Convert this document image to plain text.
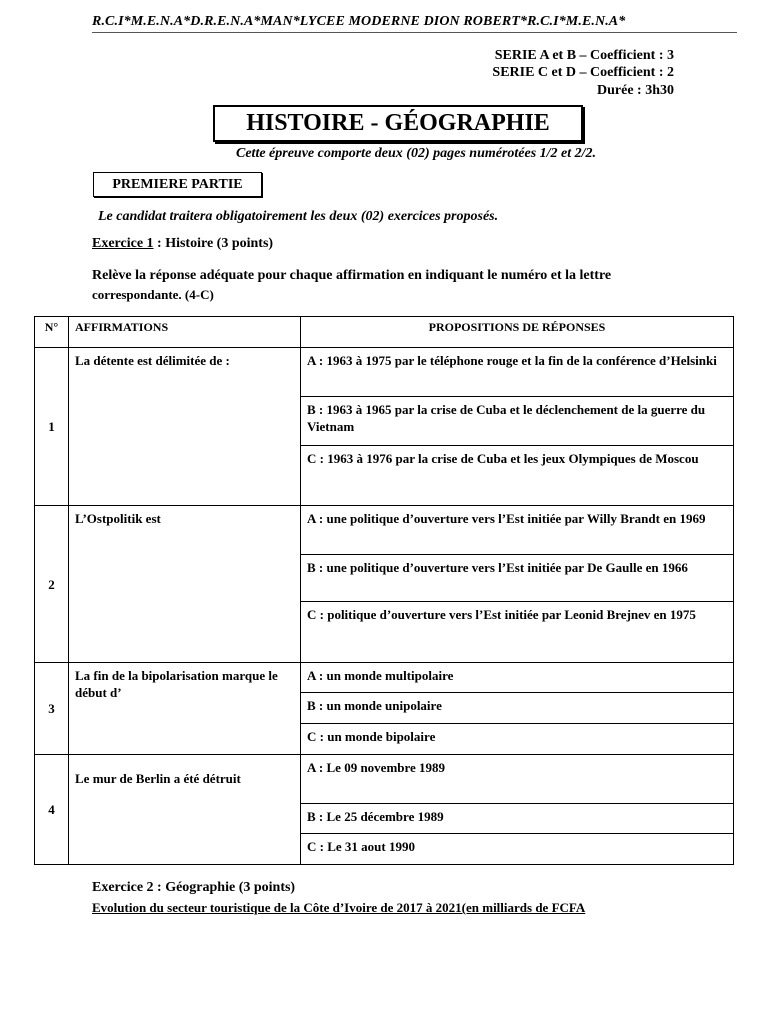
R.C.I*M.E.N.A*D.R.E.N.A*MAN*LYCEE MODERNE DION ROBERT*R.C.I*M.E.N.A*
SERIE A et B – Coefficient : 3
SERIE C et D – Coefficient : 2
Durée : 3h30
HISTOIRE - GÉOGRAPHIE
Cette épreuve comporte deux (02) pages numérotées 1/2 et 2/2.
PREMIERE PARTIE
Le candidat traitera obligatoirement les deux (02) exercices proposés.
Exercice 1 : Histoire (3 points)
Relève la réponse adéquate pour chaque affirmation en indiquant le numéro et la lettre
correspondante. (4-C)
N°	AFFIRMATIONS	PROPOSITIONS DE RÉPONSES
1	La détente est délimitée de :	A : 1963 à 1975 par le téléphone rouge et la fin de la conférence d’Helsinki
		B : 1963 à 1965 par la crise de Cuba et le déclenchement de la guerre du Vietnam
		C : 1963 à 1976 par la crise de Cuba et les jeux Olympiques de Moscou
2	L’Ostpolitik est	A : une politique d’ouverture vers l’Est initiée par Willy Brandt en 1969
		B : une politique d’ouverture vers l’Est initiée par De Gaulle en 1966
		C : politique d’ouverture vers l’Est initiée par Leonid Brejnev en 1975
3	La fin de la bipolarisation marque le début d’	A : un monde multipolaire
		B : un monde unipolaire
		C : un monde bipolaire
4	Le mur de Berlin a été détruit	A : Le 09 novembre 1989
		B : Le 25 décembre 1989
		C : Le 31 aout 1990
Exercice 2 : Géographie (3 points)
Evolution du secteur touristique de la Côte d’Ivoire de 2017 à 2021(en milliards de FCFA
